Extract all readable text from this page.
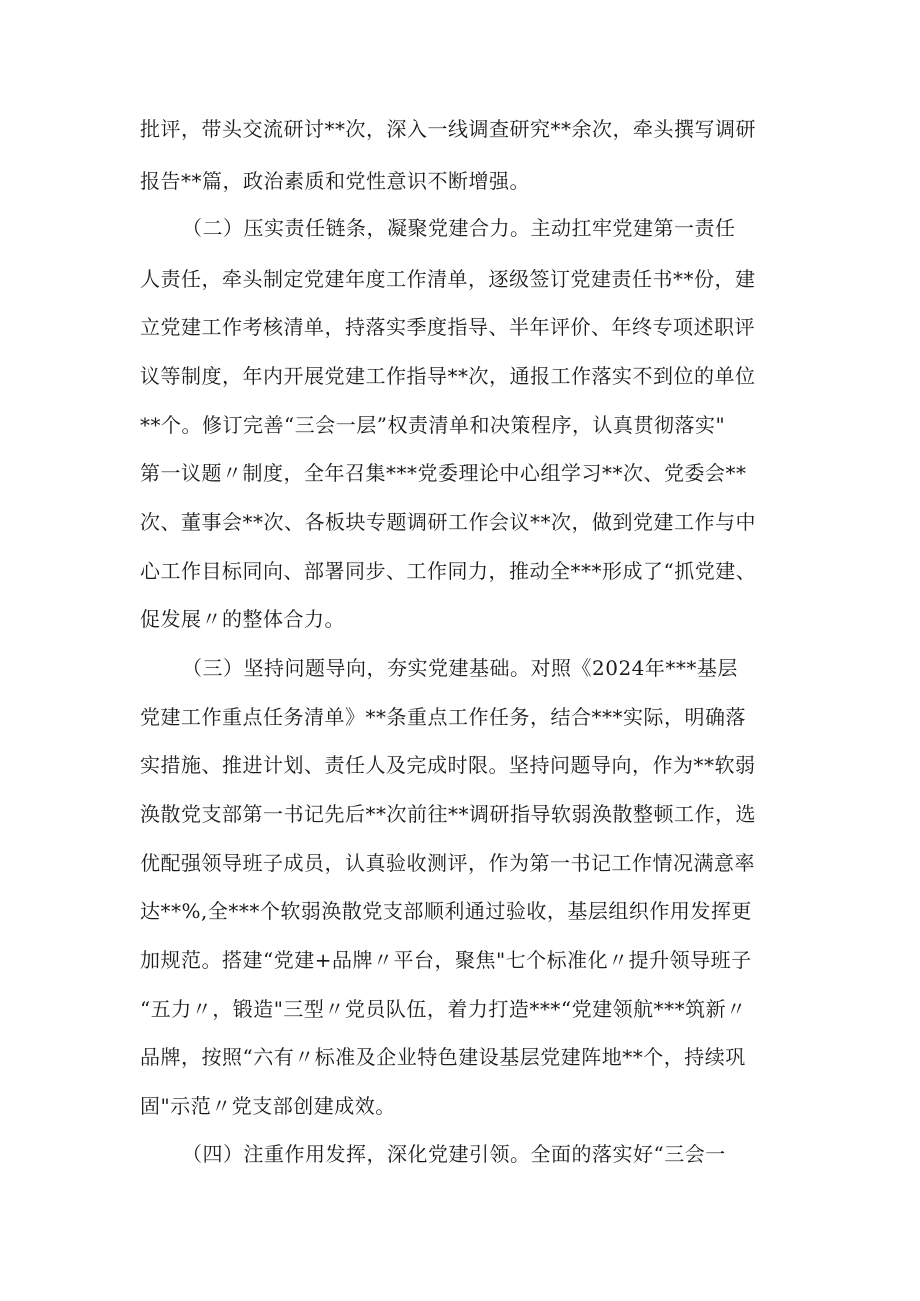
批评，带头交流研讨**次，深入一线调查研究**余次，牵头撰写调研
报告**篇，政治素质和党性意识不断增强。
（二）压实责任链条，凝聚党建合力。主动扛牢党建第一责任
人责任，牵头制定党建年度工作清单，逐级签订党建责任书**份，建
立党建工作考核清单，持落实季度指导、半年评价、年终专项述职评
议等制度，年内开展党建工作指导**次，通报工作落实不到位的单位
**个。修订完善“三会一层”权责清单和决策程序，认真贯彻落实"
第一议题〃制度，全年召集***党委理论中心组学习**次、党委会**
次、董事会**次、各板块专题调研工作会议**次，做到党建工作与中
心工作目标同向、部署同步、工作同力，推动全***形成了“抓党建、
促发展〃的整体合力。
（三）坚持问题导向，夯实党建基础。对照《2024年***基层
党建工作重点任务清单》**条重点工作任务，结合***实际，明确落
实措施、推进计划、责任人及完成时限。坚持问题导向，作为**软弱
涣散党支部第一书记先后**次前往**调研指导软弱涣散整顿工作，选
优配强领导班子成员，认真验收测评，作为第一书记工作情况满意率
达**%,全***个软弱涣散党支部顺利通过验收，基层组织作用发挥更
加规范。搭建“党建+品牌〃平台，聚焦"七个标准化〃提升领导班子
“五力〃，锻造"三型〃党员队伍，着力打造***“党建领航***筑新〃
品牌，按照“六有〃标准及企业特色建设基层党建阵地**个，持续巩
固"示范〃党支部创建成效。
（四）注重作用发挥，深化党建引领。全面的落实好“三会一
